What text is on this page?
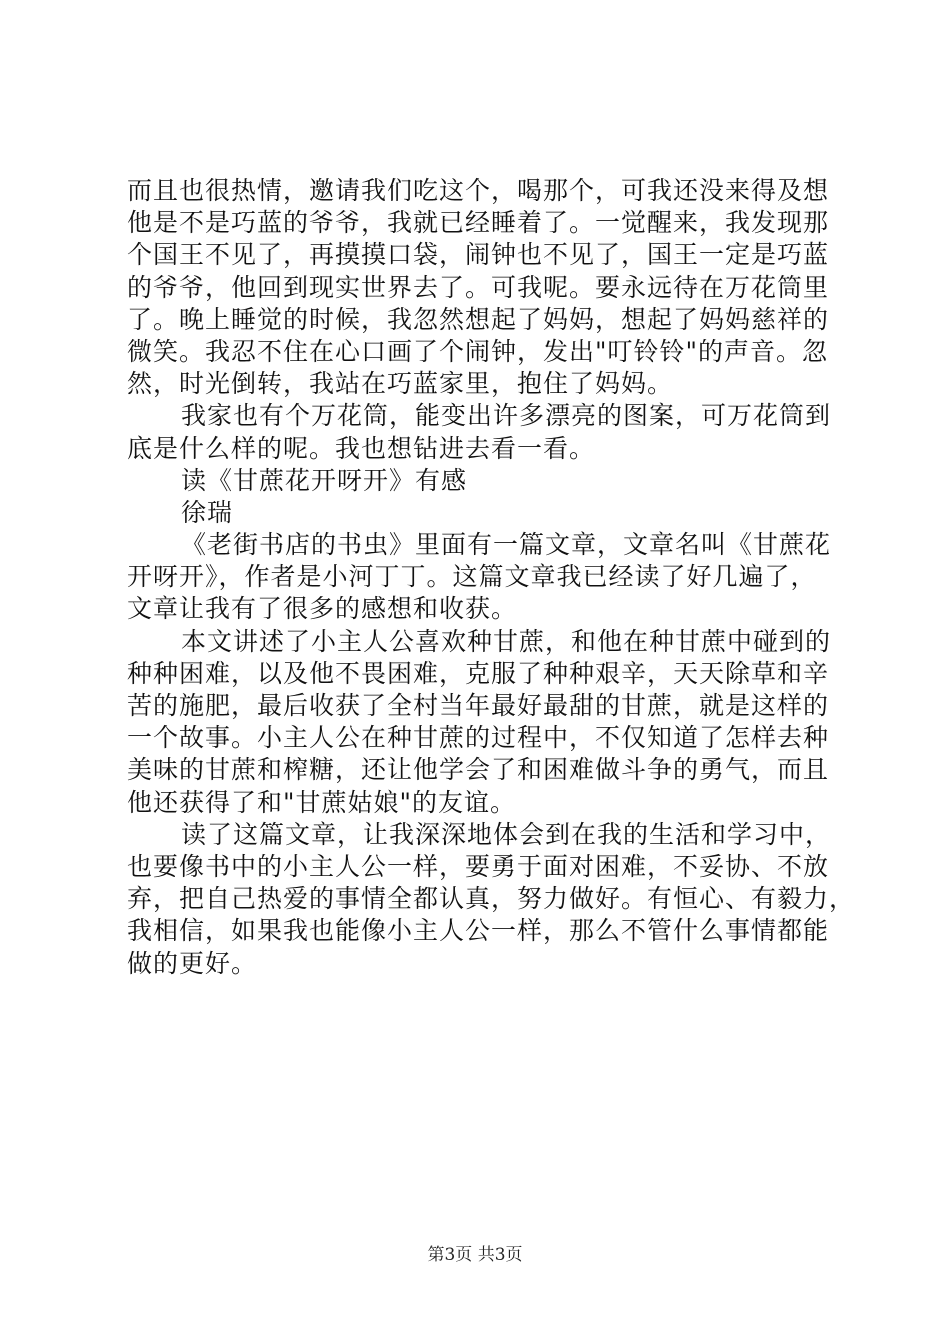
而且也很热情，邀请我们吃这个，喝那个，可我还没来得及想
他是不是巧蓝的爷爷，我就已经睡着了。一觉醒来，我发现那
个国王不见了，再摸摸口袋，闹钟也不见了，国王一定是巧蓝
的爷爷，他回到现实世界去了。可我呢。要永远待在万花筒里
了。晚上睡觉的时候，我忽然想起了妈妈，想起了妈妈慈祥的
微笑。我忍不住在心口画了个闹钟，发出"叮铃铃"的声音。忽
然，时光倒转，我站在巧蓝家里，抱住了妈妈。
我家也有个万花筒，能变出许多漂亮的图案，可万花筒到
底是什么样的呢。我也想钻进去看一看。
读《甘蔗花开呀开》有感
徐瑞
《老街书店的书虫》里面有一篇文章，文章名叫《甘蔗花
开呀开》，作者是小河丁丁。这篇文章我已经读了好几遍了，
文章让我有了很多的感想和收获。
本文讲述了小主人公喜欢种甘蔗，和他在种甘蔗中碰到的
种种困难，以及他不畏困难，克服了种种艰辛，天天除草和辛
苦的施肥，最后收获了全村当年最好最甜的甘蔗，就是这样的
一个故事。小主人公在种甘蔗的过程中，不仅知道了怎样去种
美味的甘蔗和榨糖，还让他学会了和困难做斗争的勇气，而且
他还获得了和"甘蔗姑娘"的友谊。
读了这篇文章，让我深深地体会到在我的生活和学习中，
也要像书中的小主人公一样，要勇于面对困难，不妥协、不放
弃，把自己热爱的事情全都认真，努力做好。有恒心、有毅力，
我相信，如果我也能像小主人公一样，那么不管什么事情都能
做的更好。
第3页 共3页
